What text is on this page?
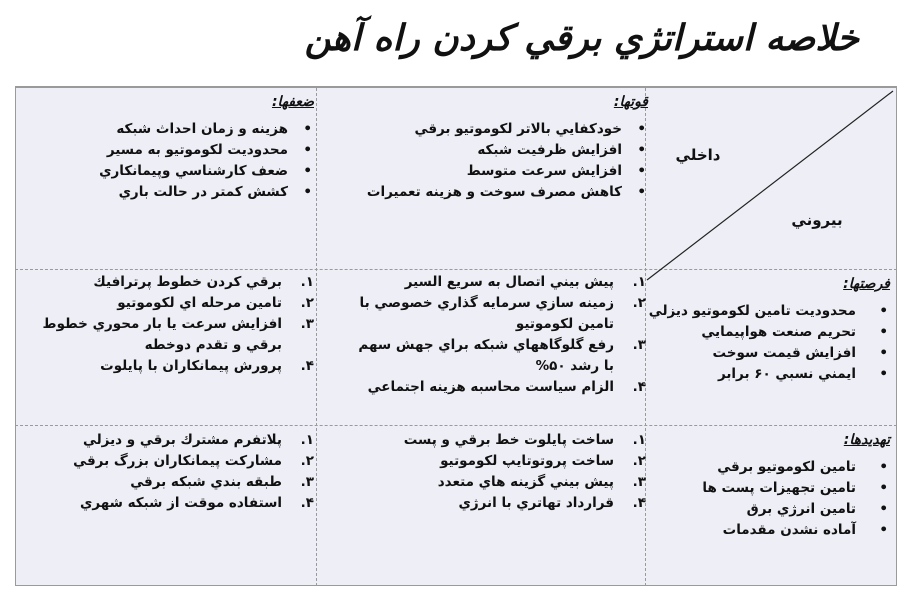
خلاصه استراتژي برقي كردن راه آهن
داخلي
بيروني
قوتها:
• خودكفايي بالاتر لكوموتيو برقي
• افزايش ظرفيت شبكه
• افزايش سرعت متوسط
• كاهش مصرف سوخت و هزينه تعميرات
ضعفها:
• هزينه و زمان احداث شبكه
• محدوديت لكوموتيو به مسير
• ضعف كارشناسي وپيمانكاري
• كشش كمتر در حالت باري
فرصتها:
• محدوديت تامين لكوموتيو ديزلي
• تحريم صنعت هواپيمايي
• افزايش قيمت سوخت
• ايمني نسبي ۶۰ برابر
تهديدها:
• تامين لكوموتيو برقي
• تامين تجهيزات پست ها
• تامين انرژي برق
• آماده نشدن مقدمات
۱.
پيش بيني اتصال به سريع السير
۲.
زمينه سازي سرمايه گذاري خصوصي با تامين لكوموتيو
۳.
رفع گلوگاههاي شبكه براي جهش سهم با رشد ۵۰%
۴.
الزام سياست محاسبه هزينه اجتماعي
۱.
برقي كردن خطوط پرترافيك
۲.
تامين مرحله اي لكوموتيو
۳.
افزايش سرعت يا بار محوري خطوط برقي و تقدم دوخطه
۴.
پرورش پيمانكاران با پايلوت
۱.
ساخت پايلوت خط برقي و پست
۲.
ساخت پروتوتايپ لكوموتيو
۳.
پيش بيني گزينه هاي متعدد
۴.
قرارداد تهاتري با انرژي
۱.
پلاتفرم مشترك برقي و ديزلي
۲.
مشاركت پيمانكاران بزرگ برقي
۳.
طبقه بندي شبكه برقي
۴.
استفاده موقت از شبكه شهري
